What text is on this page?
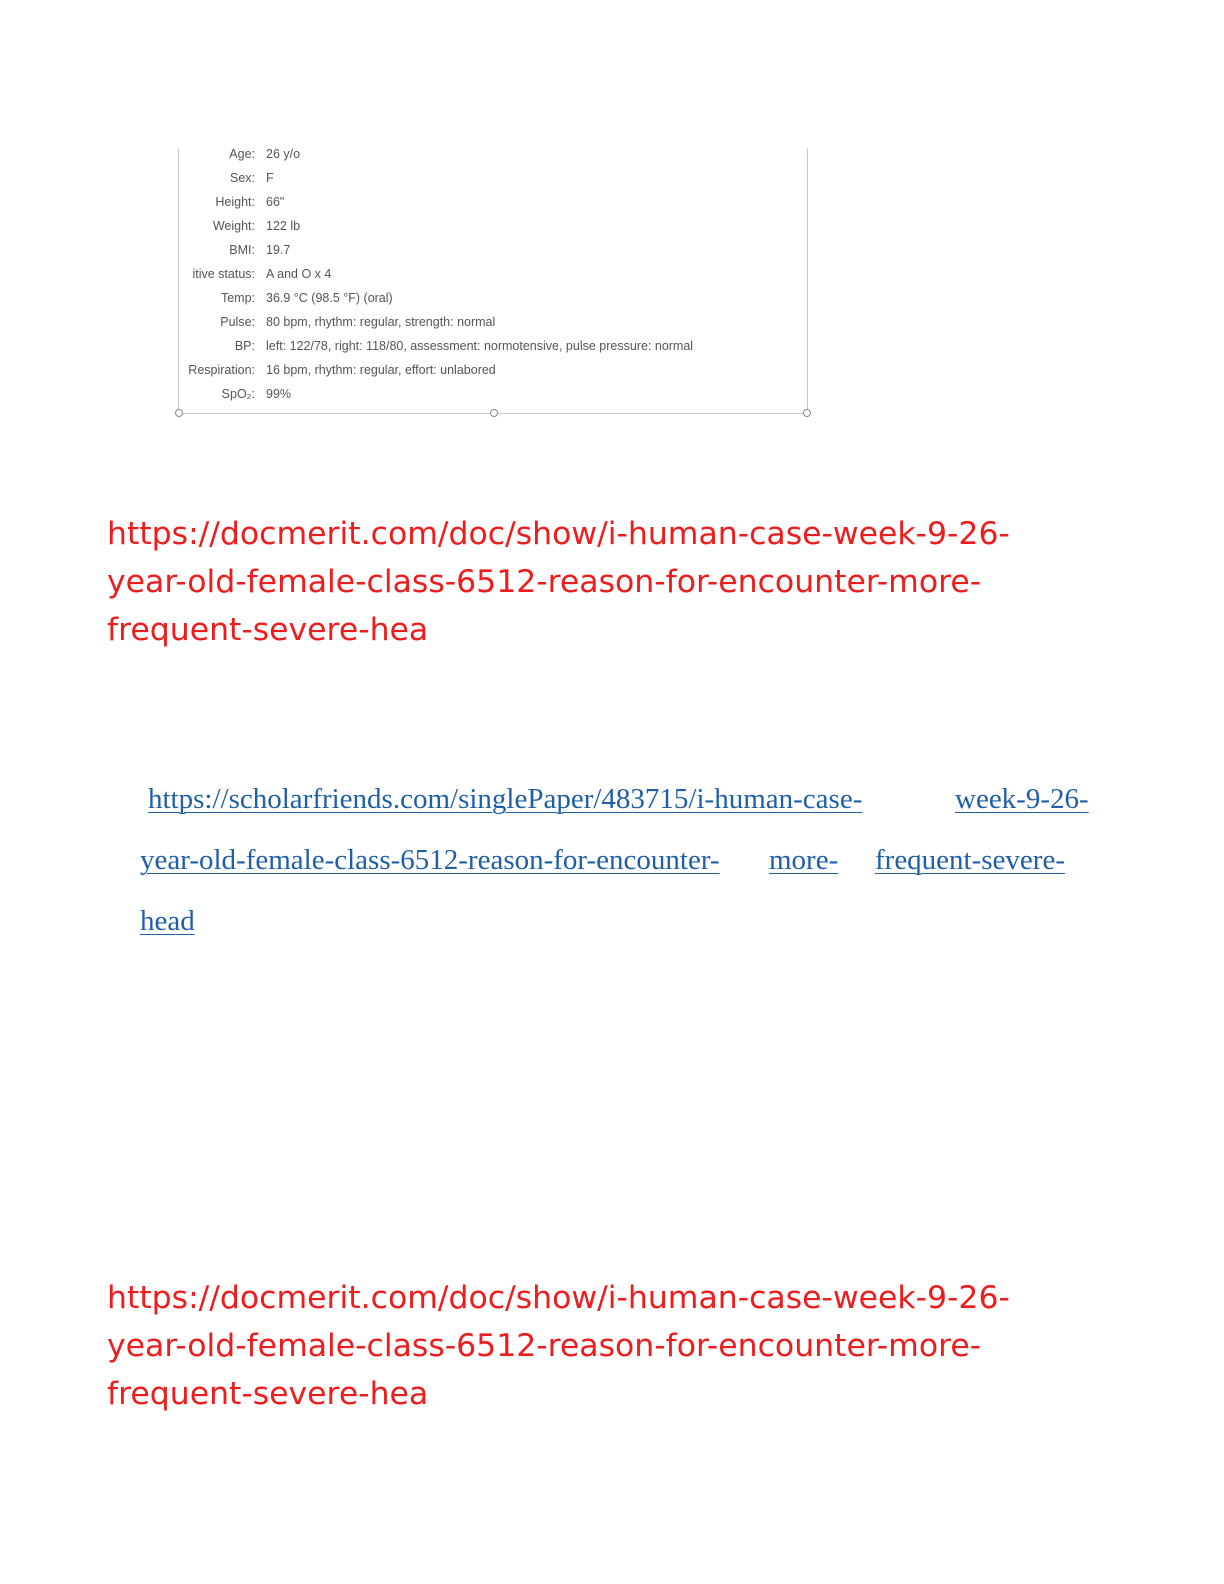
Age: 26 y/o
Sex: F
Height: 66"
Weight: 122 lb
BMI: 19.7
itive status: A and O x 4
Temp: 36.9 °C (98.5 °F) (oral)
Pulse: 80 bpm, rhythm: regular, strength: normal
BP: left: 122/78, right: 118/80, assessment: normotensive, pulse pressure: normal
Respiration: 16 bpm, rhythm: regular, effort: unlabored
SpO₂: 99%
https://docmerit.com/doc/show/i-human-case-week-9-26-
year-old-female-class-6512-reason-for-encounter-more-
frequent-severe-hea
https://scholarfriends.com/singlePaper/483715/i-human-case-	week-9-26-
year-old-female-class-6512-reason-for-encounter- more- frequent-severe-
head
https://docmerit.com/doc/show/i-human-case-week-9-26-
year-old-female-class-6512-reason-for-encounter-more-
frequent-severe-hea
